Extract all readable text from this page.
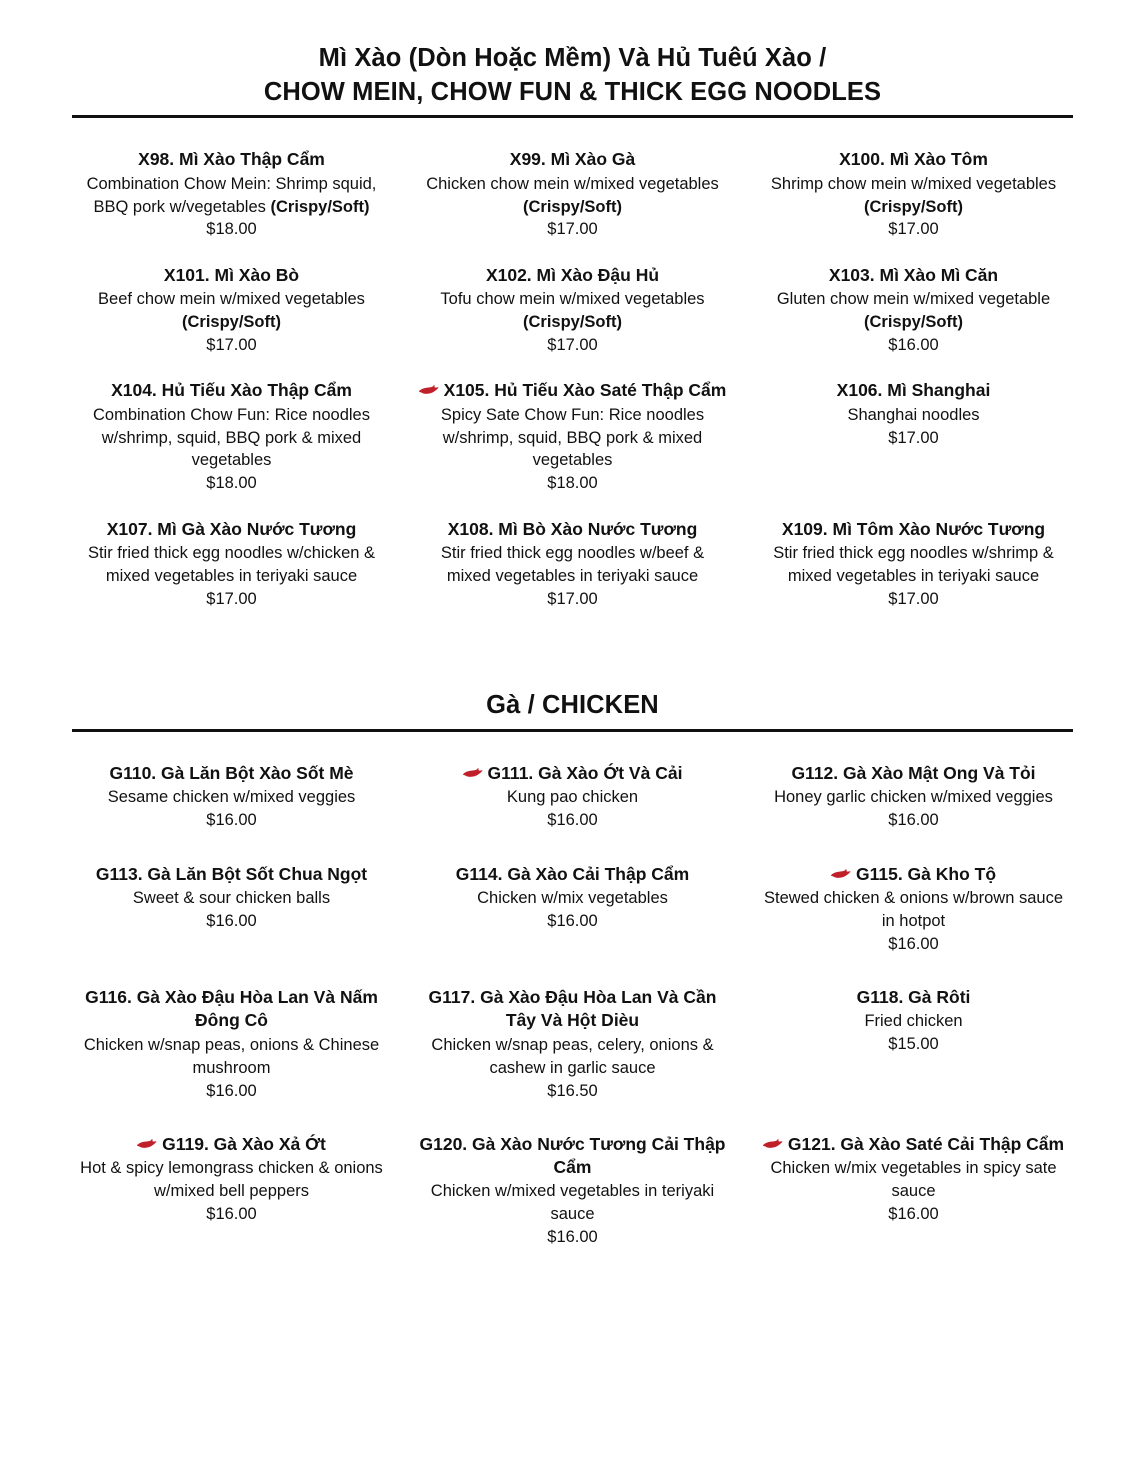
Mì Xào (Dòn Hoặc Mềm) Và Hủ Tuêú Xào /
CHOW MEIN, CHOW FUN & THICK EGG NOODLES

X98. Mì Xào Thập Cẩm

Combination Chow Mein: Shrimp squid, BBQ pork w/vegetables (Crispy/Soft)

$18.00

X99. Mì Xào Gà

Chicken chow mein w/mixed vegetables (Crispy/Soft)

$17.00

X100. Mì Xào Tôm

Shrimp chow mein w/mixed vegetables (Crispy/Soft)

$17.00

X101. Mì Xào Bò

Beef chow mein w/mixed vegetables (Crispy/Soft)

$17.00

X102. Mì Xào Đậu Hủ

Tofu chow mein w/mixed vegetables (Crispy/Soft)

$17.00

X103. Mì Xào Mì Căn

Gluten chow mein w/mixed vegetable (Crispy/Soft)

$16.00

X104. Hủ Tiếu Xào Thập Cẩm

Combination Chow Fun: Rice noodles w/shrimp, squid, BBQ pork & mixed vegetables

$18.00

X105. Hủ Tiếu Xào Saté Thập Cẩm

Spicy Sate Chow Fun: Rice noodles w/shrimp, squid, BBQ pork & mixed vegetables

$18.00

X106. Mì Shanghai

Shanghai noodles

$17.00

X107. Mì Gà Xào Nước Tương

Stir fried thick egg noodles w/chicken & mixed vegetables in teriyaki sauce

$17.00

X108. Mì Bò Xào Nước Tương

Stir fried thick egg noodles w/beef & mixed vegetables in teriyaki sauce

$17.00

X109. Mì Tôm Xào Nước Tương

Stir fried thick egg noodles w/shrimp & mixed vegetables in teriyaki sauce

$17.00

Gà / CHICKEN

G110. Gà Lăn Bột Xào Sốt Mè

Sesame chicken w/mixed veggies

$16.00

G111. Gà Xào Ớt Và Cải

Kung pao chicken

$16.00

G112. Gà Xào Mật Ong Và Tỏi

Honey garlic chicken w/mixed veggies

$16.00

G113. Gà Lăn Bột Sốt Chua Ngọt

Sweet & sour chicken balls

$16.00

G114. Gà Xào Cải Thập Cẩm

Chicken w/mix vegetables

$16.00

G115. Gà Kho Tộ

Stewed chicken & onions w/brown sauce in hotpot

$16.00

G116. Gà Xào Đậu Hòa Lan Và Nấm Đông Cô

Chicken w/snap peas, onions & Chinese mushroom

$16.00

G117. Gà Xào Đậu Hòa Lan Và Cần Tây Và Hột Dièu

Chicken w/snap peas, celery, onions & cashew in garlic sauce

$16.50

G118. Gà Rôti

Fried chicken

$15.00

G119. Gà Xào Xả Ớt

Hot & spicy lemongrass chicken & onions w/mixed bell peppers

$16.00

G120. Gà Xào Nước Tương Cải Thập Cẩm

Chicken w/mixed vegetables in teriyaki sauce

$16.00

G121. Gà Xào Saté Cải Thập Cẩm

Chicken w/mix vegetables in spicy sate sauce

$16.00
